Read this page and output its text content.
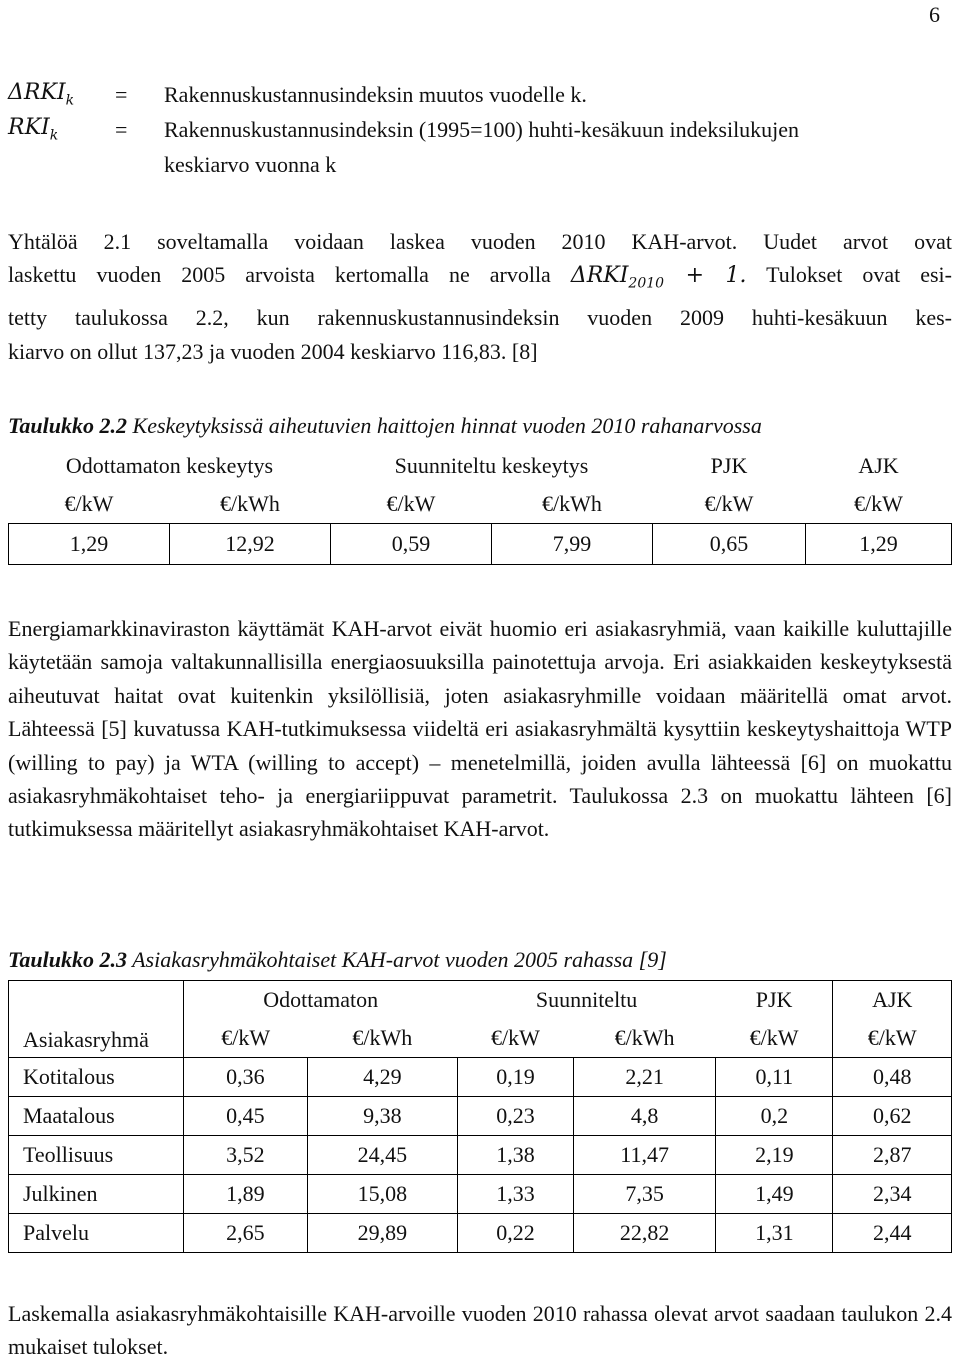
6
$\Delta RKI_k$ = Rakennuskustannusindeksin muutos vuodelle k.
$RKI_k$	= Rakennuskustannusindeksin (1995=100) huhti-kesäkuun indeksilukujen
keskiarvo vuonna k
Yhtälöä 2.1 soveltamalla voidaan laskea vuoden 2010 KAH-arvot. Uudet arvot ovat
laskettu vuoden 2005 arvoista kertomalla ne arvolla $\Delta RKI_{2010} + 1$. Tulokset ovat esi-
tetty taulukossa 2.2, kun rakennuskustannusindeksin vuoden 2009 huhti-kesäkuun kes-
kiarvo on ollut 137,23 ja vuoden 2004 keskiarvo 116,83. [8]
Taulukko 2.2 Keskeytyksissä aiheutuvien haittojen hinnat vuoden 2010 rahanarvossa
Odottamaton keskeytys		Suunniteltu keskeytys		PJK	AJK
€/kW	€/kWh	€/kW	€/kWh	€/kW	€/kW
1,29	12,92	0,59	7,99	0,65	1,29
Energiamarkkinaviraston käyttämät KAH-arvot eivät huomio eri asiakasryhmiä, vaan kaikille kuluttajille käytetään samoja valtakunnallisilla energiaosuuksilla painotettuja arvoja. Eri asiakkaiden keskeytyksestä aiheutuvat haitat ovat kuitenkin yksilöllisiä, joten asiakasryhmille voidaan määritellä omat arvot. Lähteessä [5] kuvatussa KAH-tutkimuksessa viideltä eri asiakasryhmältä kysyttiin keskeytyshaittoja WTP (willing to pay) ja WTA (willing to accept) – menetelmillä, joiden avulla lähteessä [6] on muokattu asiakasryhmäkohtaiset teho- ja energiariippuvat parametrit. Taulukossa 2.3 on muokattu lähteen [6] tutkimuksessa määritellyt asiakasryhmäkohtaiset KAH-arvot.
Taulukko 2.3 Asiakasryhmäkohtaiset KAH-arvot vuoden 2005 rahassa [9]
Asiakasryhmä	Odottamaton		Suunniteltu		PJK	AJK
	€/kW	€/kWh	€/kW	€/kWh	€/kW	€/kW
Kotitalous	0,36	4,29	0,19	2,21	0,11	0,48
Maatalous	0,45	9,38	0,23	4,8	0,2	0,62
Teollisuus	3,52	24,45	1,38	11,47	2,19	2,87
Julkinen	1,89	15,08	1,33	7,35	1,49	2,34
Palvelu	2,65	29,89	0,22	22,82	1,31	2,44
Laskemalla asiakasryhmäkohtaisille KAH-arvoille vuoden 2010 rahassa olevat arvot saadaan taulukon 2.4 mukaiset tulokset.
